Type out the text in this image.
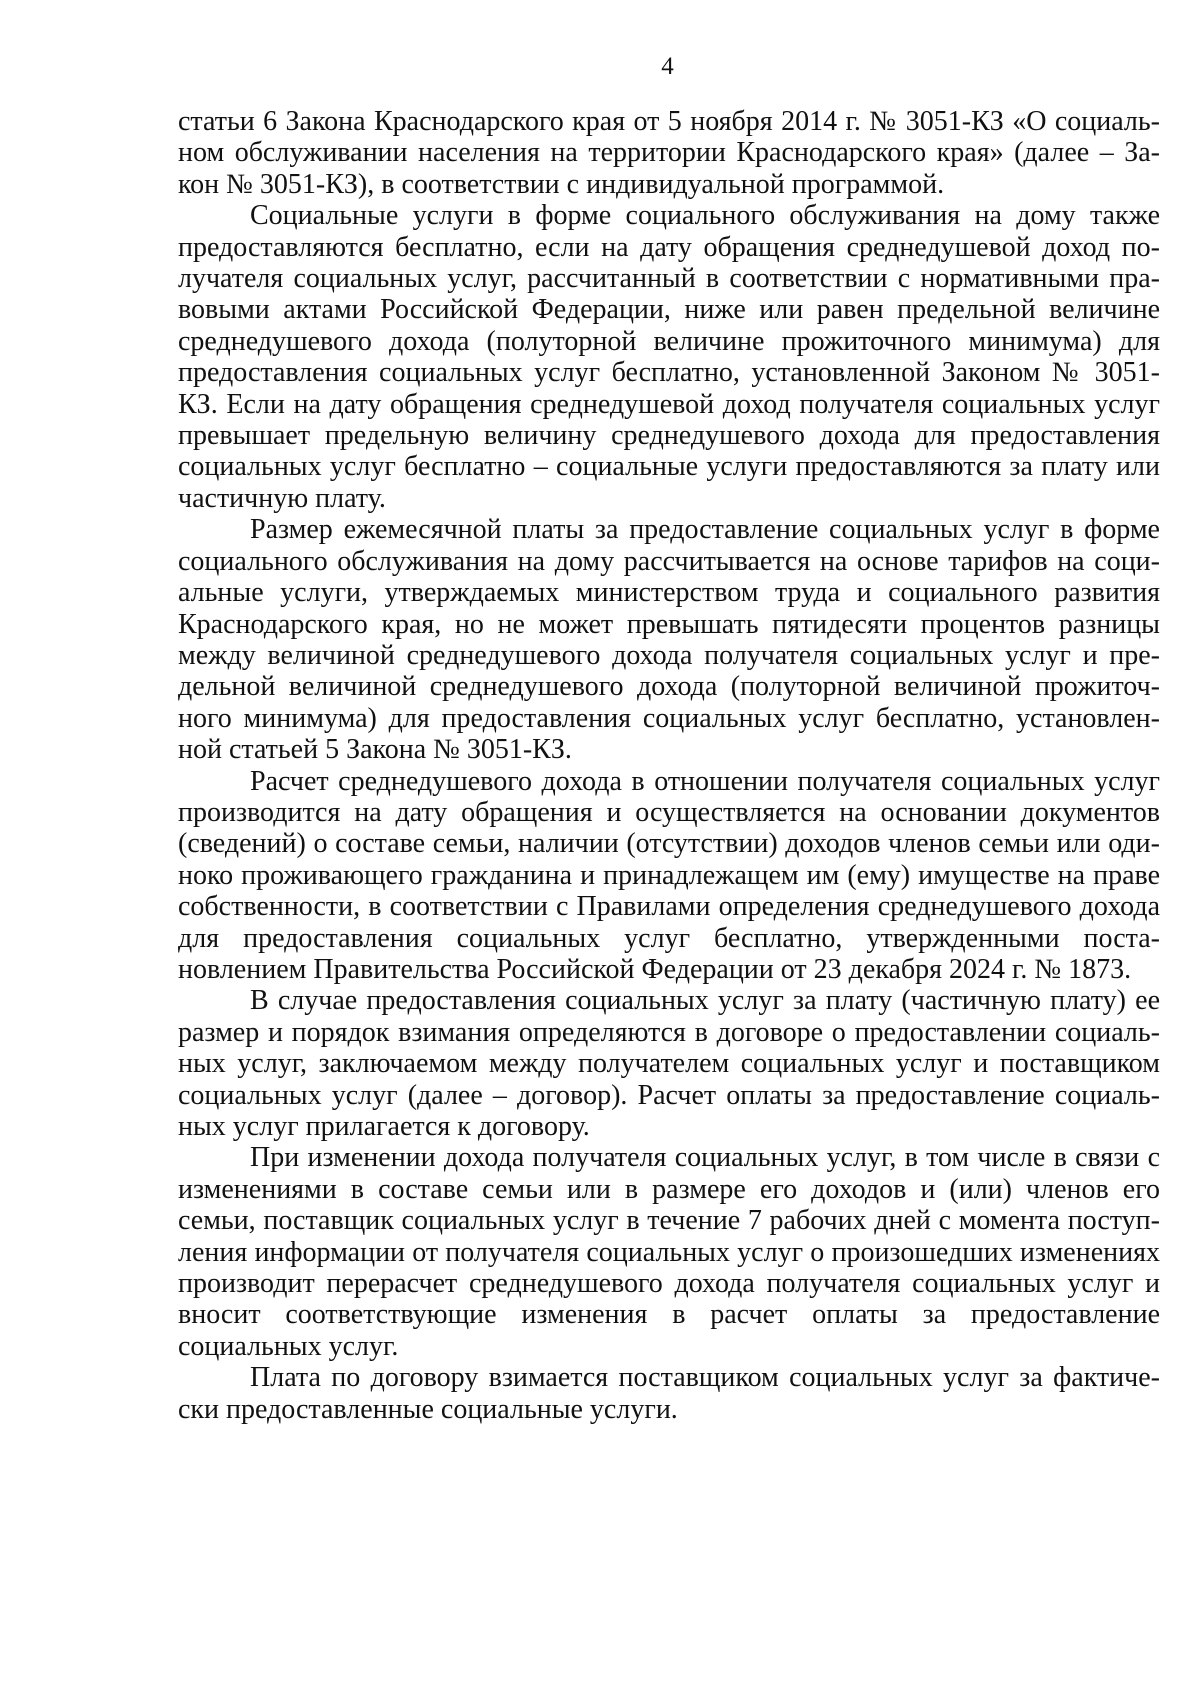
4

статьи 6 Закона Краснодарского края от 5 ноября 2014 г. № 3051-КЗ «О социальном обслуживании населения на территории Краснодарского края» (далее – Закон № 3051-КЗ), в соответствии с индивидуальной программой.

Социальные услуги в форме социального обслуживания на дому также предоставляются бесплатно, если на дату обращения среднедушевой доход получателя социальных услуг, рассчитанный в соответствии с нормативными правовыми актами Российской Федерации, ниже или равен предельной величине среднедушевого дохода (полуторной величине прожиточного минимума) для предоставления социальных услуг бесплатно, установленной Законом № 3051-КЗ. Если на дату обращения среднедушевой доход получателя социальных услуг превышает предельную величину среднедушевого дохода для предоставления социальных услуг бесплатно – социальные услуги предоставляются за плату или частичную плату.

Размер ежемесячной платы за предоставление социальных услуг в форме социального обслуживания на дому рассчитывается на основе тарифов на социальные услуги, утверждаемых министерством труда и социального развития Краснодарского края, но не может превышать пятидесяти процентов разницы между величиной среднедушевого дохода получателя социальных услуг и предельной величиной среднедушевого дохода (полуторной величиной прожиточного минимума) для предоставления социальных услуг бесплатно, установленной статьей 5 Закона № 3051-КЗ.

Расчет среднедушевого дохода в отношении получателя социальных услуг производится на дату обращения и осуществляется на основании документов (сведений) о составе семьи, наличии (отсутствии) доходов членов семьи или одиноко проживающего гражданина и принадлежащем им (ему) имуществе на праве собственности, в соответствии с Правилами определения среднедушевого дохода для предоставления социальных услуг бесплатно, утвержденными постановлением Правительства Российской Федерации от 23 декабря 2024 г. № 1873.

В случае предоставления социальных услуг за плату (частичную плату) ее размер и порядок взимания определяются в договоре о предоставлении социальных услуг, заключаемом между получателем социальных услуг и поставщиком социальных услуг (далее – договор). Расчет оплаты за предоставление социальных услуг прилагается к договору.

При изменении дохода получателя социальных услуг, в том числе в связи с изменениями в составе семьи или в размере его доходов и (или) членов его семьи, поставщик социальных услуг в течение 7 рабочих дней с момента поступления информации от получателя социальных услуг о произошедших изменениях производит перерасчет среднедушевого дохода получателя социальных услуг и вносит соответствующие изменения в расчет оплаты за предоставление социальных услуг.

Плата по договору взимается поставщиком социальных услуг за фактически предоставленные социальные услуги.
